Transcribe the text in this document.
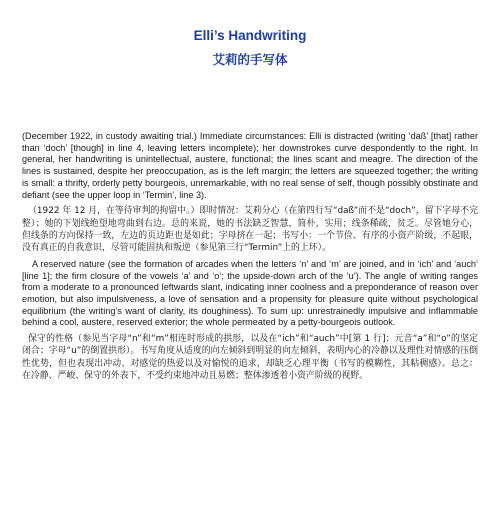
Elli’s Handwriting
艾莉的手写体

(December 1922, in custody awaiting trial.) Immediate circumstances: Elli is distracted (writing ‘daß’ [that] rather than ‘doch’ [though] in line 4, leaving letters incomplete); her downstrokes curve despondently to the right. In general, her handwriting is unintellectual, austere, functional; the lines scant and meagre. The direction of the lines is sustained, despite her preoccupation, as is the left margin; the letters are squeezed together; the writing is small: a thrifty, orderly petty bourgeois, unremarkable, with no real sense of self, though possibly obstinate and defiant (see the upper loop in ‘Termin’, line 3).

（1922 年 12 月，在等待审判的拘留中。）即时情况：艾莉分心（在第四行写“daß”而不是“doch”，留下字母不完整）；她的下划线绝望地弯曲到右边。总的来说，她的书法缺乏智慧，简朴，实用；线条稀疏，贫乏。尽管她分心，但线条的方向保持一致，左边的页边距也是如此；字母挤在一起；书写小：一个节俭、有序的小资产阶级，不起眼，没有真正的自我意识，尽管可能固执和叛逆（参见第三行“Termin”上的上环）。

A reserved nature (see the formation of arcades when the letters ‘n’ and ‘m’ are joined, and in ‘ich’ and ‘auch’ [line 1]; the firm closure of the vowels ‘a’ and ‘o’; the upside-down arch of the ‘u’). The angle of writing ranges from a moderate to a pronounced leftwards slant, indicating inner coolness and a preponderance of reason over emotion, but also impulsiveness, a love of sensation and a propensity for pleasure quite without psychological equilibrium (the writing’s want of clarity, its doughiness). To sum up: unrestrainedly impulsive and inflammable behind a cool, austere, reserved exterior; the whole permeated by a petty-bourgeois outlook.

保守的性格（参见当字母“n”和“m”相连时形成的拱形，以及在“ich”和“auch”中[第 1 行]；元音“a”和“o”的坚定闭合；字母“u”的倒置拱形）。书写角度从适度的向左倾斜到明显的向左倾斜，表明内心的冷静以及理性对情感的压倒性优势，但也表现出冲动、对感觉的热爱以及对愉悦的追求，却缺乏心理平衡（书写的模糊性，其粘稠感）。总之：在冷静、严峻、保守的外表下，不受约束地冲动且易燃；整体渗透着小资产阶级的视野。
